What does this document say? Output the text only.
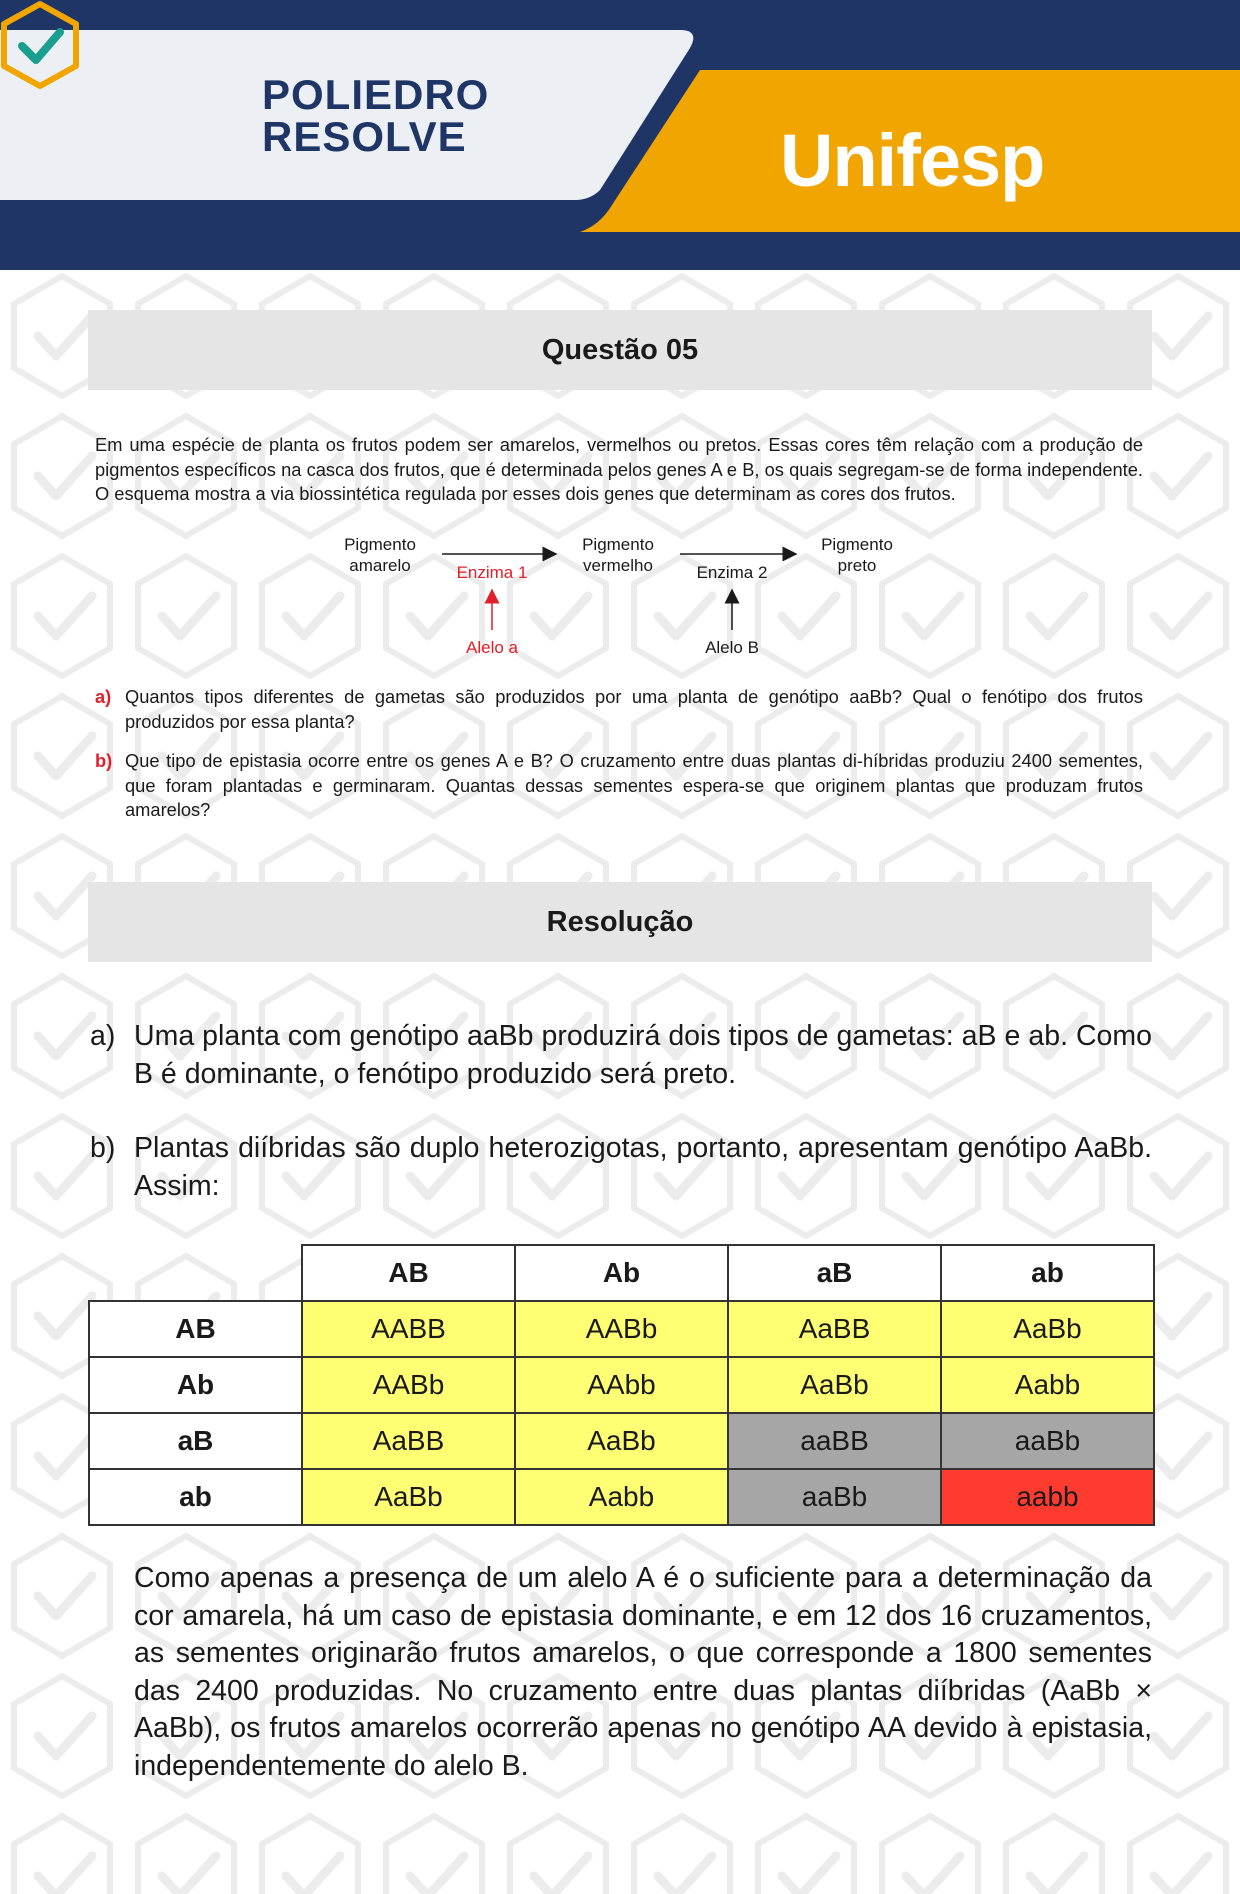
POLIEDRO
RESOLVE	Unifesp
Questão 05
Em uma espécie de planta os frutos podem ser amarelos, vermelhos ou pretos. Essas cores têm relação com a produção de pigmentos específicos na casca dos frutos, que é determinada pelos genes A e B, os quais segregam-se de forma independente. O esquema mostra a via biossintética regulada por esses dois genes que determinam as cores dos frutos.
Pigmento
amarelo
Pigmento
vermelho
Pigmento
preto
Enzima 1	Enzima 2
Alelo a	Alelo B
a) Quantos tipos diferentes de gametas são produzidos por uma planta de genótipo aaBb? Qual o fenótipo dos frutos produzidos por essa planta?
b) Que tipo de epistasia ocorre entre os genes A e B? O cruzamento entre duas plantas di-híbridas produziu 2400 sementes, que foram plantadas e germinaram. Quantas dessas sementes espera-se que originem plantas que produzam frutos amarelos?
Resolução
a) Uma planta com genótipo aaBb produzirá dois tipos de gametas: aB e ab. Como B é dominante, o fenótipo produzido será preto.
b) Plantas diíbridas são duplo heterozigotas, portanto, apresentam genótipo AaBb. Assim:
	AB	Ab	aB	ab
AB	AABB	AABb	AaBB	AaBb
Ab	AABb	AAbb	AaBb	Aabb
aB	AaBB	AaBb	aaBB	aaBb
ab	AaBb	Aabb	aaBb	aabb
Como apenas a presença de um alelo A é o suficiente para a determinação da cor amarela, há um caso de epistasia dominante, e em 12 dos 16 cruzamentos, as sementes originarão frutos amarelos, o que corresponde a 1800 sementes das 2400 produzidas. No cruzamento entre duas plantas diíbridas (AaBb × AaBb), os frutos amarelos ocorrerão apenas no genótipo AA devido à epistasia, independentemente do alelo B.
